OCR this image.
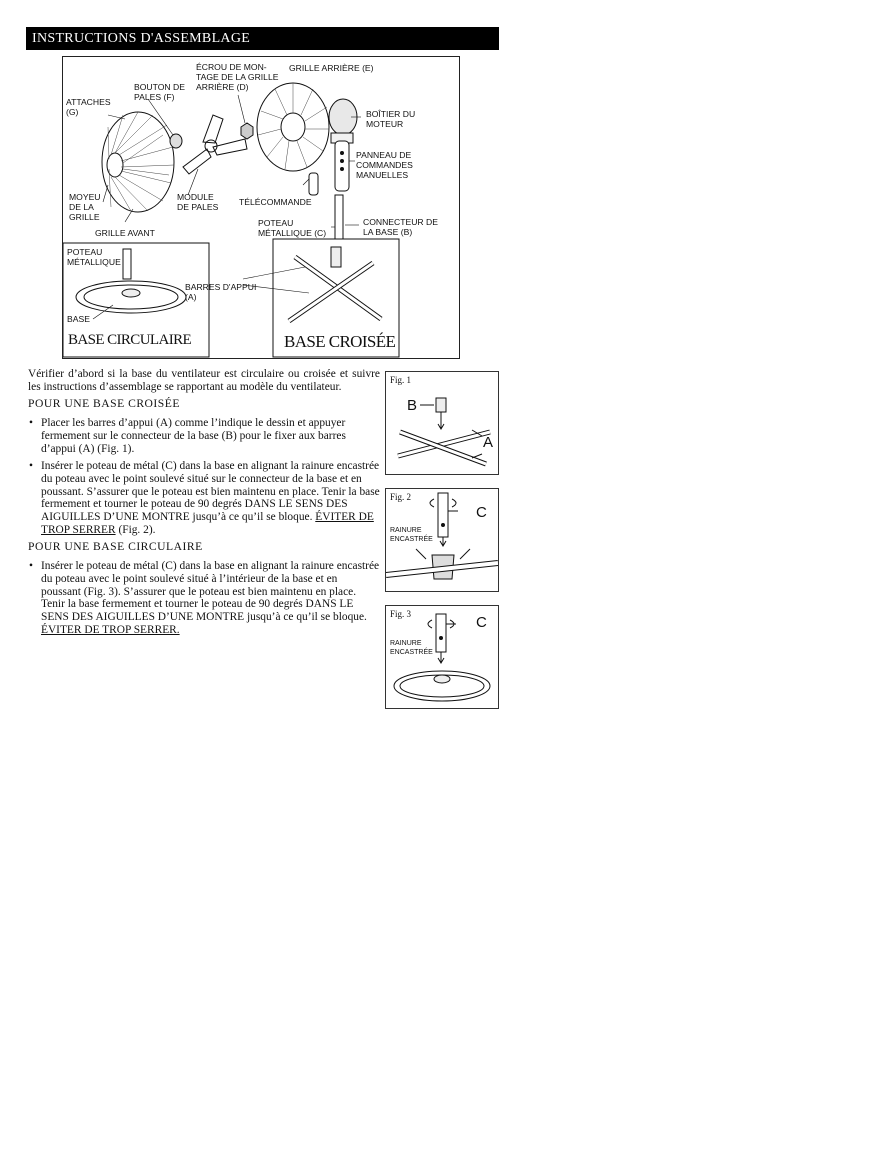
INSTRUCTIONS D'ASSEMBLAGE
ATTACHES
(G)
BOUTON DE
PALES (F)
ÉCROU DE MON-
TAGE DE LA GRILLE
ARRIÈRE (D)
GRILLE ARRIÈRE (E)
BOÎTIER DU
MOTEUR
PANNEAU DE
COMMANDES
MANUELLES
MOYEU
DE LA
GRILLE
MODULE
DE PALES TÉLÉCOMMANDE
GRILLE AVANT
POTEAU
MÉTALLIQUE (C)
CONNECTEUR DE
LA BASE (B)
POTEAU
MÉTALLIQUE
BARRES D'APPUI
(A)
BASE
BASE CIRCULAIRE	BASE CROISÉE

Vérifier d’abord si la base du ventilateur est circulaire ou croisée et suivre les instructions d’assemblage se rapportant au modèle du ventilateur.

POUR UNE BASE CROISÉE
• Placer les barres d’appui (A) comme l’indique le dessin et appuyer fermement sur le connecteur de la base (B) pour le fixer aux barres d’appui (A) (Fig. 1).
• Insérer le poteau de métal (C) dans la base en alignant la rainure encastrée du poteau avec le point soulevé situé sur le connecteur de la base et en poussant. S’assurer que le poteau est bien maintenu en place. Tenir la base fermement et tourner le poteau de 90 degrés DANS LE SENS DES AIGUILLES D’UNE MONTRE jusqu’à ce qu’il se bloque. ÉVITER DE TROP SERRER (Fig. 2).
POUR UNE BASE CIRCULAIRE
• Insérer le poteau de métal (C) dans la base en alignant la rainure encastrée du poteau avec le point soulevé situé à l’intérieur de la base et en poussant (Fig. 3). S’assurer que le poteau est bien maintenu en place. Tenir la base fermement et tourner le poteau de 90 degrés DANS LE SENS DES AIGUILLES D’UNE MONTRE jusqu’à ce qu’il se bloque.
ÉVITER DE TROP SERRER.
Fig. 1
B
A
Fig. 2
C
RAINURE
ENCASTRÉE
Fig. 3	C
RAINURE
ENCASTRÉE
